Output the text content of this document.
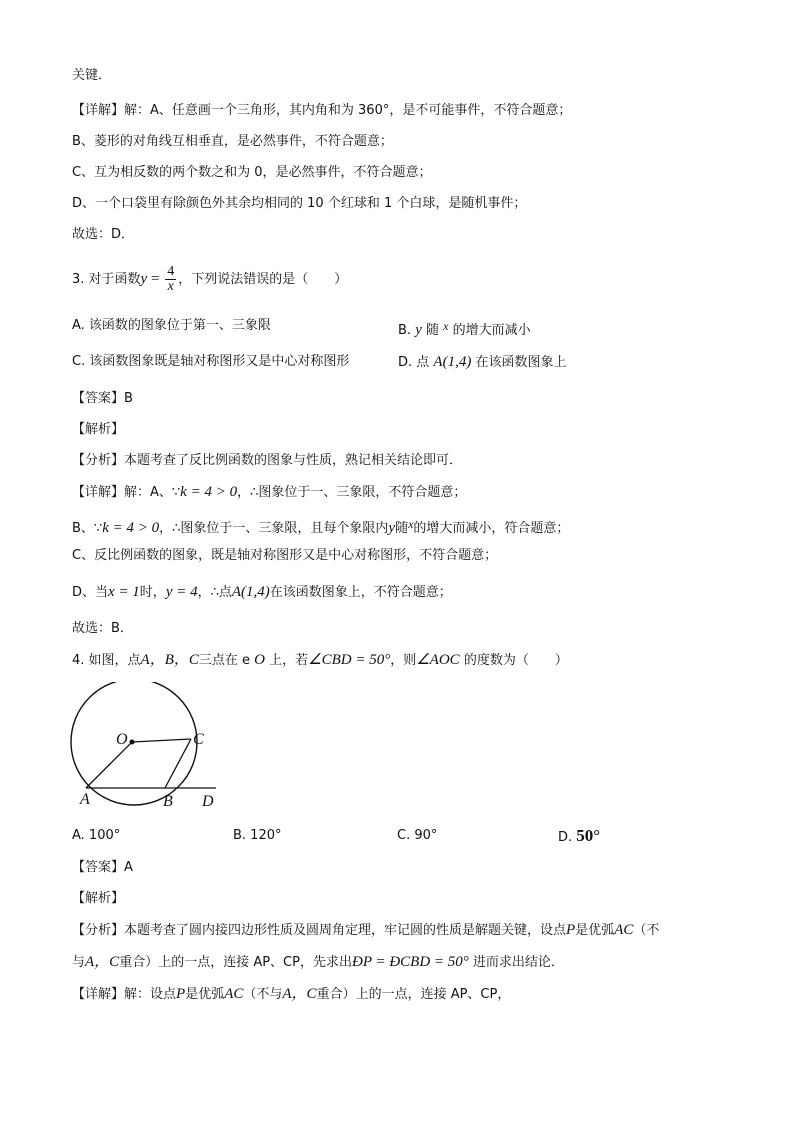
关键．
【详解】解：A、任意画一个三角形，其内角和为 360°，是不可能事件，不符合题意；
B、菱形的对角线互相垂直，是必然事件，不符合题意；
C、互为相反数的两个数之和为 0，是必然事件，不符合题意；
D、一个口袋里有除颜色外其余均相同的 10 个红球和 1 个白球，是随机事件；
故选：D．
3. 对于函数$y = \frac{4}{x}$ ，下列说法错误的是（　　）
A. 该函数的图象位于第一、三象限	B. y 随 x 的增大而减小
C. 该函数图象既是轴对称图形又是中心对称图形	D. 点 A(1,4) 在该函数图象上
【答案】B
【解析】
【分析】本题考查了反比例函数的图象与性质，熟记相关结论即可．
【详解】解：A、∵k = 4 > 0，∴图象位于一、三象限，不符合题意；
B、∵k = 4 > 0，∴图象位于一、三象限，且每个象限内y随x的增大而减小，符合题意；
C、反比例函数的图象，既是轴对称图形又是中心对称图形，不符合题意；
D、当x = 1时，y = 4，∴点A(1,4)在该函数图象上，不符合题意；
故选：B．
4. 如图，点A，B，C三点在 e O 上，若∠CBD = 50°，则∠AOC 的度数为（　　）
O	C
A	B D
A. 100°	B. 120°	C. 90°	D. 50°
【答案】A
【解析】
【分析】本题考查了圆内接四边形性质及圆周角定理，牢记圆的性质是解题关键，设点P是优弧AC（不
与A，C重合）上的一点，连接 AP、CP，先求出ÐP = ÐCBD = 50° 进而求出结论．
【详解】解：设点P是优弧AC（不与A，C重合）上的一点，连接 AP、CP，
